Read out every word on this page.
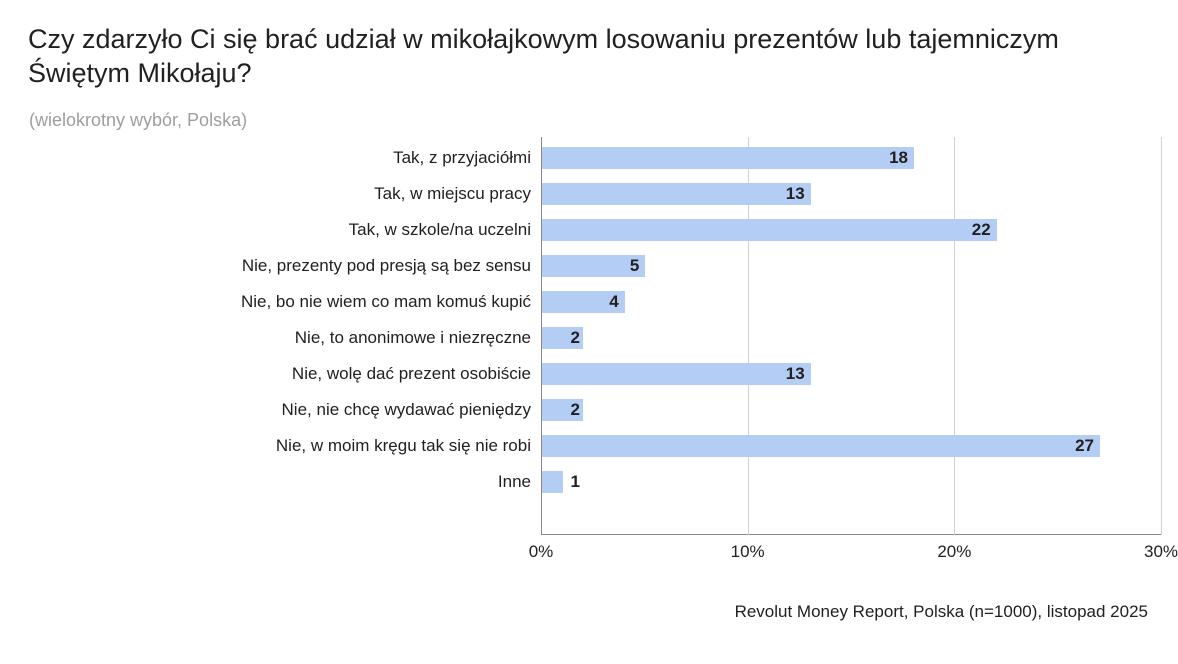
Czy zdarzyło Ci się brać udział w mikołajkowym losowaniu prezentów lub tajemniczym Świętym Mikołaju?
(wielokrotny wybór, Polska)
18
13
22
5
4
2
13
2
27
1
0%	10%	20%	30%
Revolut Money Report, Polska (n=1000), listopad 2025
Tak, z przyjaciółmi
Tak, w miejscu pracy
Tak, w szkole/na uczelni
Nie, prezenty pod presją są bez sensu
Nie, bo nie wiem co mam komuś kupić
Nie, to anonimowe i niezręczne
Nie, wolę dać prezent osobiście
Nie, nie chcę wydawać pieniędzy
Nie, w moim kręgu tak się nie robi
Inne
